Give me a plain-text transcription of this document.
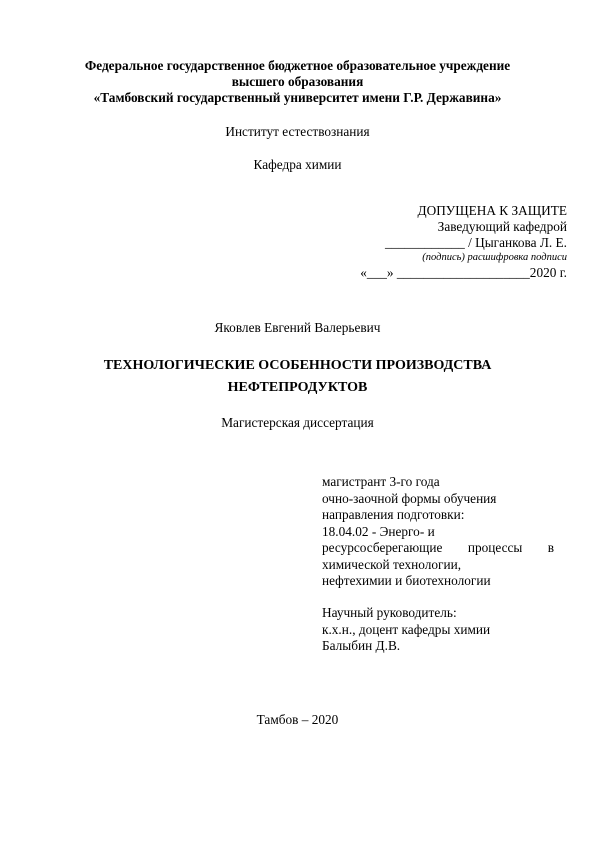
Федеральное государственное бюджетное образовательное учреждение
высшего образования
«Тамбовский государственный университет имени Г.Р. Державина»
Институт естествознания
Кафедра химии
ДОПУЩЕНА К ЗАЩИТЕ
Заведующий кафедрой
____________ / Цыганкова Л. Е.
(подпись) расшифровка подписи
«___» ____________________2020 г.
Яковлев Евгений Валерьевич
ТЕХНОЛОГИЧЕСКИЕ ОСОБЕННОСТИ ПРОИЗВОДСТВА
НЕФТЕПРОДУКТОВ
Магистерская диссертация
магистрант 3-го года
очно-заочной формы обучения
направления подготовки:
18.04.02 - Энерго- и
ресурсосберегающие процессы в
химической технологии,
нефтехимии и биотехнологии
Научный руководитель:
к.х.н., доцент кафедры химии
Балыбин Д.В.
Тамбов – 2020
